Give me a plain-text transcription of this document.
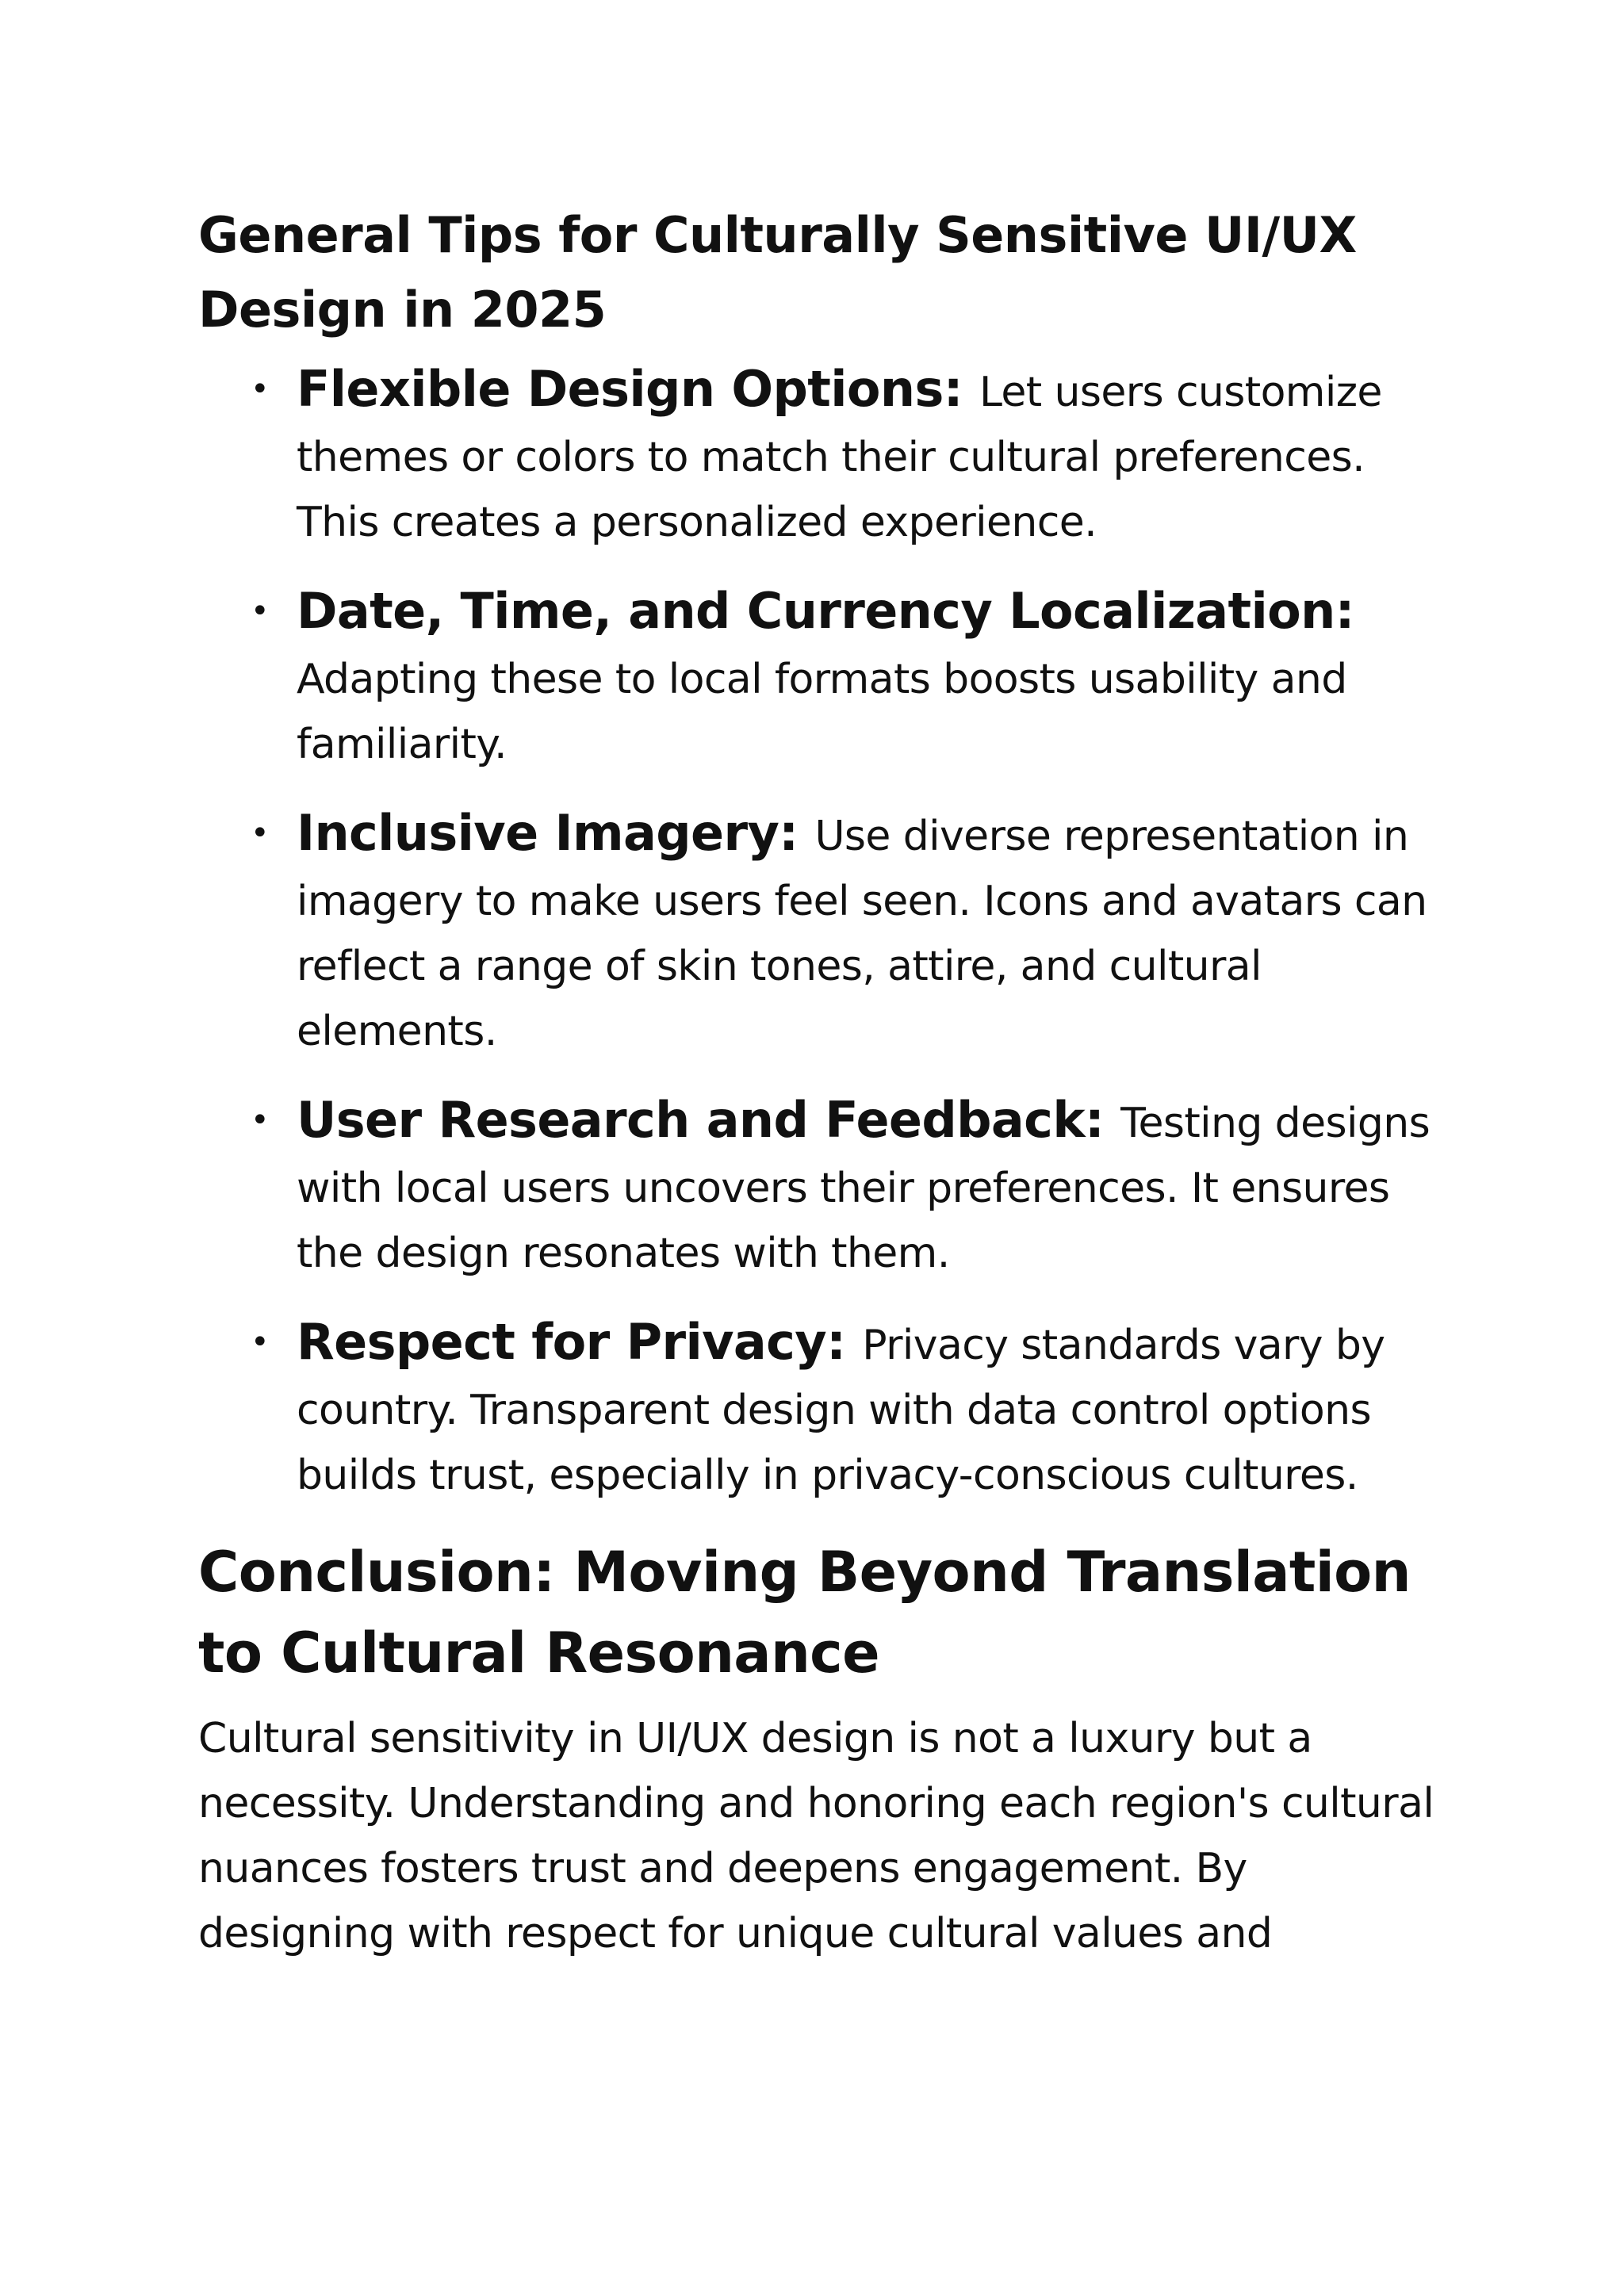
General Tips for Culturally Sensitive UI/UX Design in 2025
• Flexible Design Options: Let users customize themes or colors to match their cultural preferences. This creates a personalized experience.
• Date, Time, and Currency Localization: Adapting these to local formats boosts usability and familiarity.
• Inclusive Imagery: Use diverse representation in imagery to make users feel seen. Icons and avatars can reflect a range of skin tones, attire, and cultural elements.
• User Research and Feedback: Testing designs with local users uncovers their preferences. It ensures the design resonates with them.
• Respect for Privacy: Privacy standards vary by country. Transparent design with data control options builds trust, especially in privacy-conscious cultures.
Conclusion: Moving Beyond Translation to Cultural Resonance

Cultural sensitivity in UI/UX design is not a luxury but a necessity. Understanding and honoring each region's cultural nuances fosters trust and deepens engagement. By designing with respect for unique cultural values and
